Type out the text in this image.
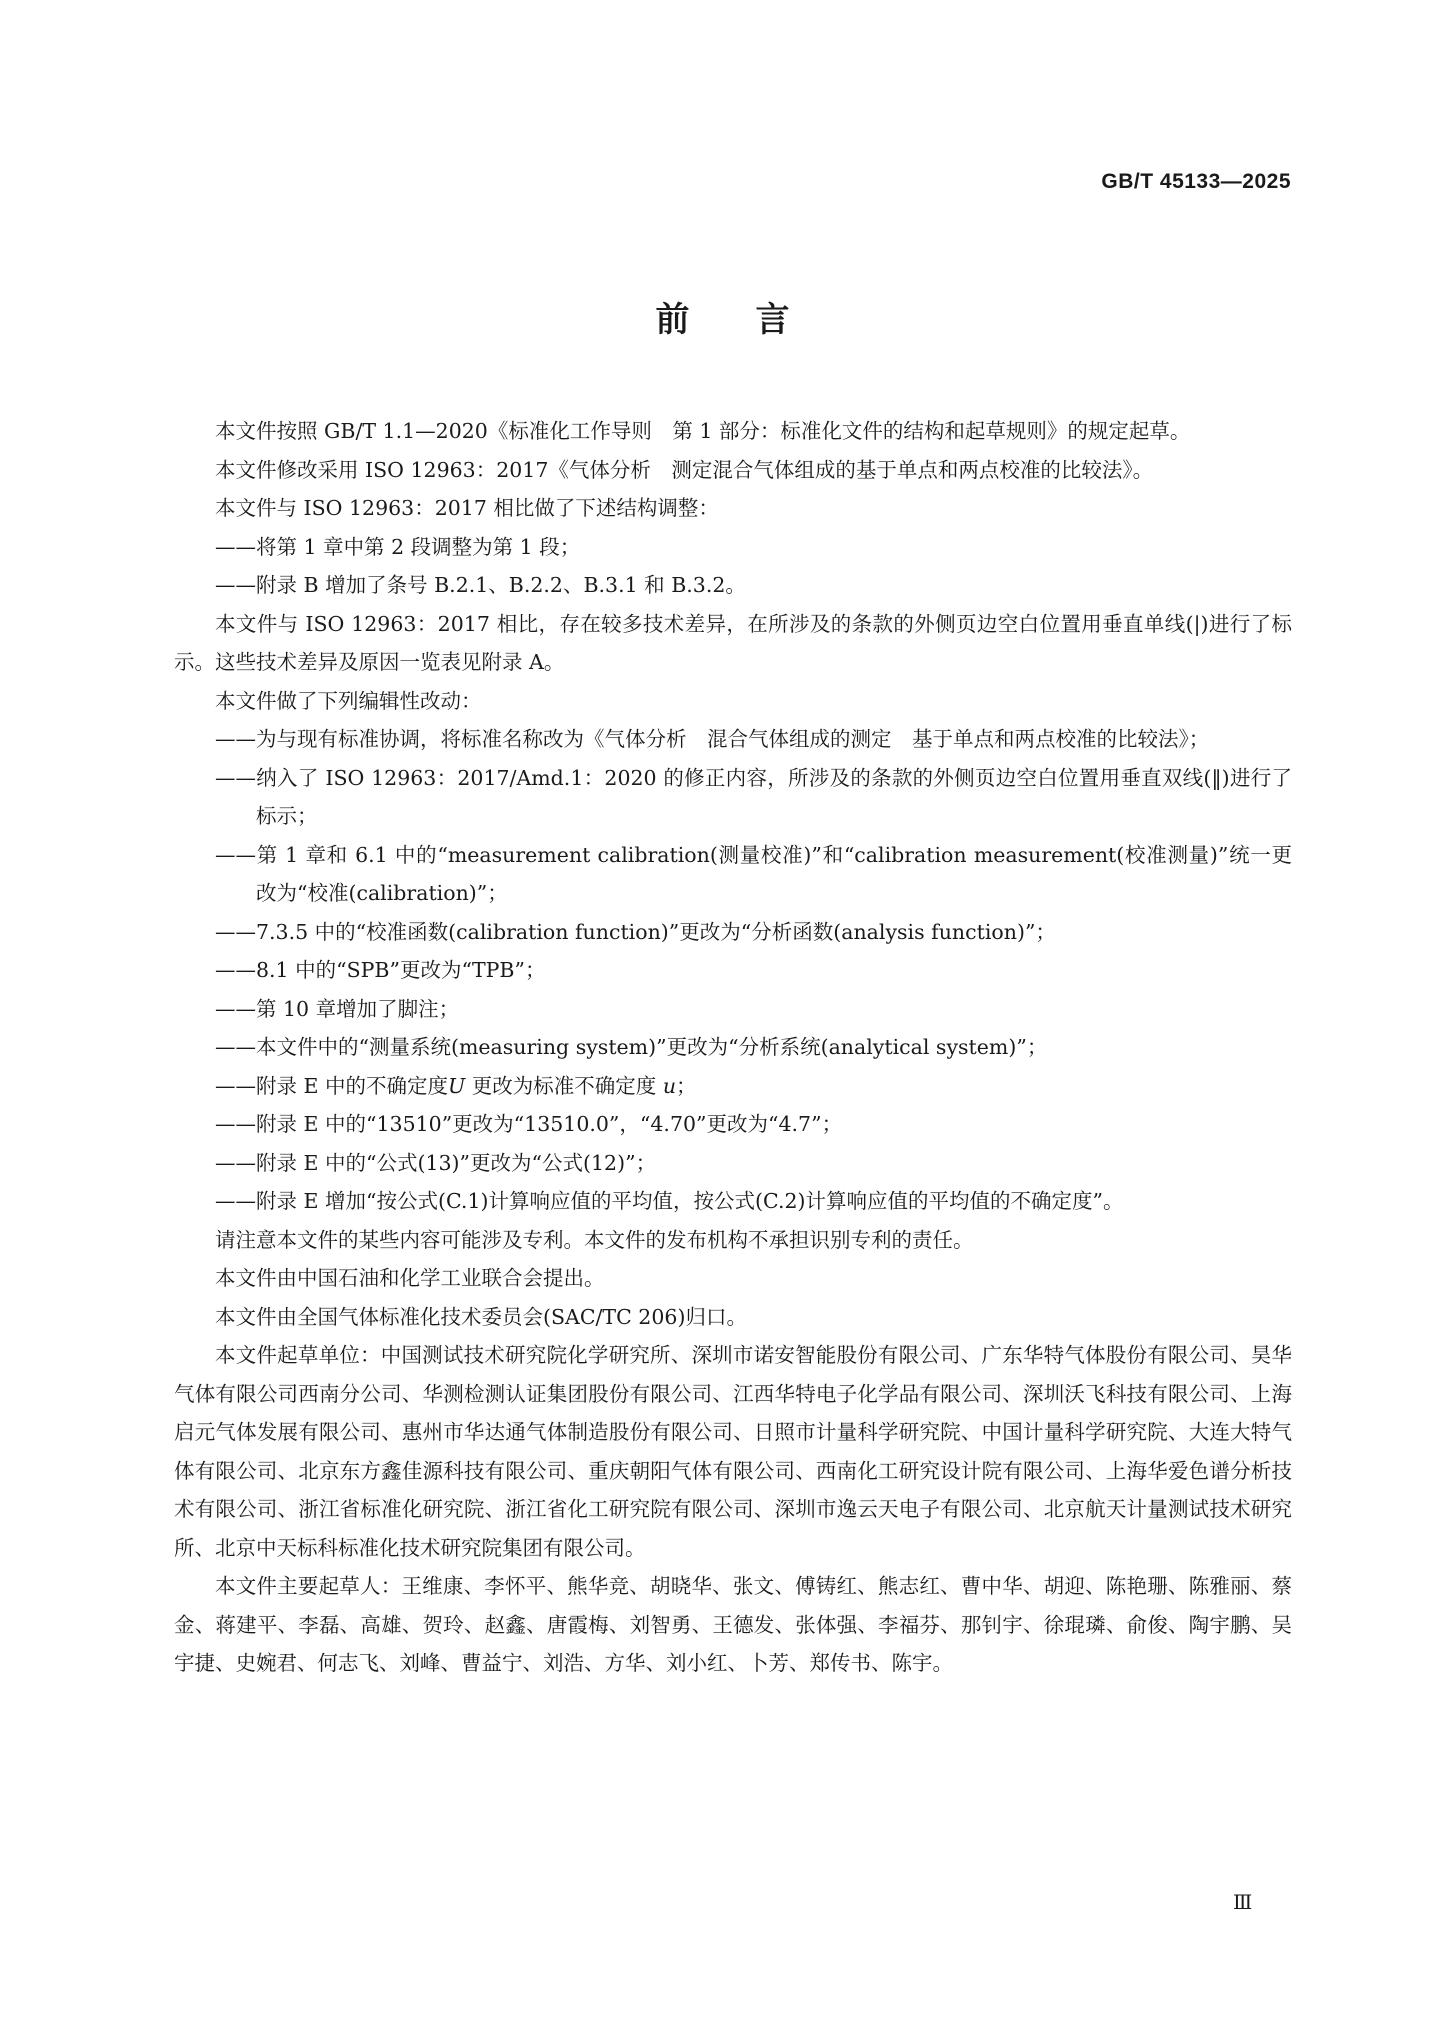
GB/T 45133—2025
前言

本文件按照 GB/T 1.1—2020《标准化工作导则　第 1 部分：标准化文件的结构和起草规则》的规定起草。

本文件修改采用 ISO 12963：2017《气体分析　测定混合气体组成的基于单点和两点校准的比较法》。

本文件与 ISO 12963：2017 相比做了下述结构调整：

——将第 1 章中第 2 段调整为第 1 段；

——附录 B 增加了条号 B.2.1、B.2.2、B.3.1 和 B.3.2。

本文件与 ISO 12963：2017 相比，存在较多技术差异，在所涉及的条款的外侧页边空白位置用垂直单线(|)进行了标示。这些技术差异及原因一览表见附录 A。

本文件做了下列编辑性改动：

——为与现有标准协调，将标准名称改为《气体分析　混合气体组成的测定　基于单点和两点校准的比较法》；

——纳入了 ISO 12963：2017/Amd.1：2020 的修正内容，所涉及的条款的外侧页边空白位置用垂直双线(‖)进行了标示；

——第 1 章和 6.1 中的“measurement calibration(测量校准)”和“calibration measurement(校准测量)”统一更改为“校准(calibration)”；

——7.3.5 中的“校准函数(calibration function)”更改为“分析函数(analysis function)”；

——8.1 中的“SPB”更改为“TPB”；

——第 10 章增加了脚注；

——本文件中的“测量系统(measuring system)”更改为“分析系统(analytical system)”；

——附录 E 中的不确定度U 更改为标准不确定度 u；

——附录 E 中的“13510”更改为“13510.0”，“4.70”更改为“4.7”；

——附录 E 中的“公式(13)”更改为“公式(12)”；

——附录 E 增加“按公式(C.1)计算响应值的平均值，按公式(C.2)计算响应值的平均值的不确定度”。

请注意本文件的某些内容可能涉及专利。本文件的发布机构不承担识别专利的责任。

本文件由中国石油和化学工业联合会提出。

本文件由全国气体标准化技术委员会(SAC/TC 206)归口。

本文件起草单位：中国测试技术研究院化学研究所、深圳市诺安智能股份有限公司、广东华特气体股份有限公司、昊华气体有限公司西南分公司、华测检测认证集团股份有限公司、江西华特电子化学品有限公司、深圳沃飞科技有限公司、上海启元气体发展有限公司、惠州市华达通气体制造股份有限公司、日照市计量科学研究院、中国计量科学研究院、大连大特气体有限公司、北京东方鑫佳源科技有限公司、重庆朝阳气体有限公司、西南化工研究设计院有限公司、上海华爱色谱分析技术有限公司、浙江省标准化研究院、浙江省化工研究院有限公司、深圳市逸云天电子有限公司、北京航天计量测试技术研究所、北京中天标科标准化技术研究院集团有限公司。

本文件主要起草人：王维康、李怀平、熊华竞、胡晓华、张文、傅铸红、熊志红、曹中华、胡迎、陈艳珊、陈雅丽、蔡金、蒋建平、李磊、高雄、贺玲、赵鑫、唐霞梅、刘智勇、王德发、张体强、李福芬、那钊宇、徐琨璘、俞俊、陶宇鹏、吴宇捷、史婉君、何志飞、刘峰、曹益宁、刘浩、方华、刘小红、卜芳、郑传书、陈宇。

Ⅲ
